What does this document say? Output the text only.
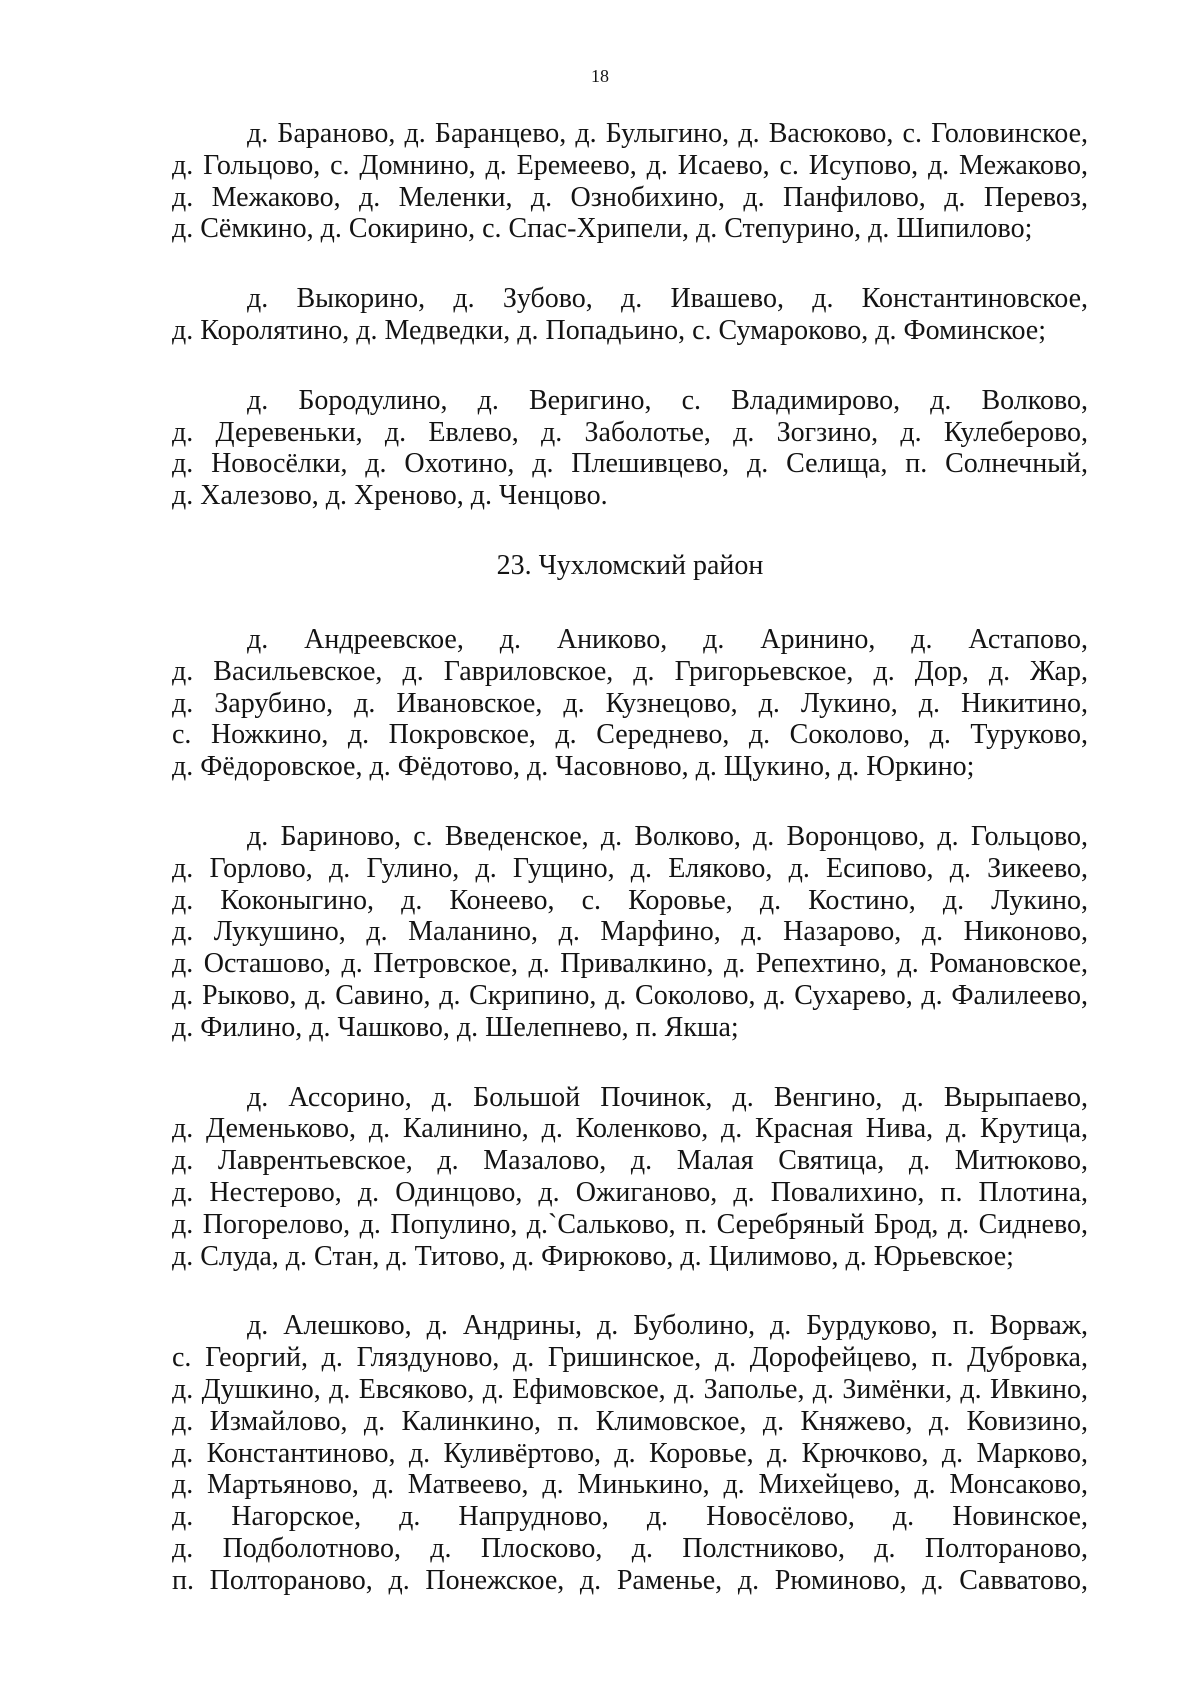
18

д. Бараново, д. Баранцево, д. Булыгино, д. Васюково, с. Головинское,
д. Гольцово, с. Домнино, д. Еремеево, д. Исаево, с. Исупово, д. Межаково,
д. Межаково, д. Меленки, д. Ознобихино, д. Панфилово, д. Перевоз,
д. Сёмкино, д. Сокирино, с. Спас-Хрипели, д. Степурино, д. Шипилово;
д. Выкорино, д. Зубово, д. Ивашево, д. Константиновское,
д. Королятино, д. Медведки, д. Попадьино, с. Сумароково, д. Фоминское;
д. Бородулино, д. Веригино, с. Владимирово, д. Волково,
д. Деревеньки, д. Евлево, д. Заболотье, д. Зогзино, д. Кулеберово,
д. Новосёлки, д. Охотино, д. Плешивцево, д. Селища, п. Солнечный,
д. Халезово, д. Хреново, д. Ченцово.
23. Чухломский район
д. Андреевское, д. Аниково, д. Аринино, д. Астапово,
д. Васильевское, д. Гавриловское, д. Григорьевское, д. Дор, д. Жар,
д. Зарубино, д. Ивановское, д. Кузнецово, д. Лукино, д. Никитино,
с. Ножкино, д. Покровское, д. Середнево, д. Соколово, д. Туруково,
д. Фёдоровское, д. Фёдотово, д. Часовново, д. Щукино, д. Юркино;
д. Бариново, с. Введенское, д. Волково, д. Воронцово, д. Гольцово,
д. Горлово, д. Гулино, д. Гущино, д. Еляково, д. Есипово, д. Зикеево,
д. Коконыгино, д. Конеево, с. Коровье, д. Костино, д. Лукино,
д. Лукушино, д. Маланино, д. Марфино, д. Назарово, д. Никоново,
д. Осташово, д. Петровское, д. Привалкино, д. Репехтино, д. Романовское,
д. Рыково, д. Савино, д. Скрипино, д. Соколово, д. Сухарево, д. Фалилеево,
д. Филино, д. Чашково, д. Шелепнево, п. Якша;
д. Ассорино, д. Большой Починок, д. Венгино, д. Вырыпаево,
д. Деменьково, д. Калинино, д. Коленково, д. Красная Нива, д. Крутица,
д. Лаврентьевское, д. Мазалово, д. Малая Святица, д. Митюково,
д. Нестерово, д. Одинцово, д. Ожиганово, д. Повалихино, п. Плотина,
д. Погорелово, д. Популино, д.`Сальково, п. Серебряный Брод, д. Сиднево,
д. Слуда, д. Стан, д. Титово, д. Фирюково, д. Цилимово, д. Юрьевское;
д. Алешково, д. Андрины, д. Буболино, д. Бурдуково, п. Ворваж,
с. Георгий, д. Гляздуново, д. Гришинское, д. Дорофейцево, п. Дубровка,
д. Душкино, д. Евсяково, д. Ефимовское, д. Заполье, д. Зимёнки, д. Ивкино,
д. Измайлово, д. Калинкино, п. Климовское, д. Княжево, д. Ковизино,
д. Константиново, д. Куливёртово, д. Коровье, д. Крючково, д. Марково,
д. Мартьяново, д. Матвеево, д. Минькино, д. Михейцево, д. Монсаково,
д. Нагорское, д. Напрудново, д. Новосёлово, д. Новинское,
д. Подболотново, д. Плосково, д. Полстниково, д. Полтораново,
п. Полтораново, д. Понежское, д. Раменье, д. Рюминово, д. Савватово,
